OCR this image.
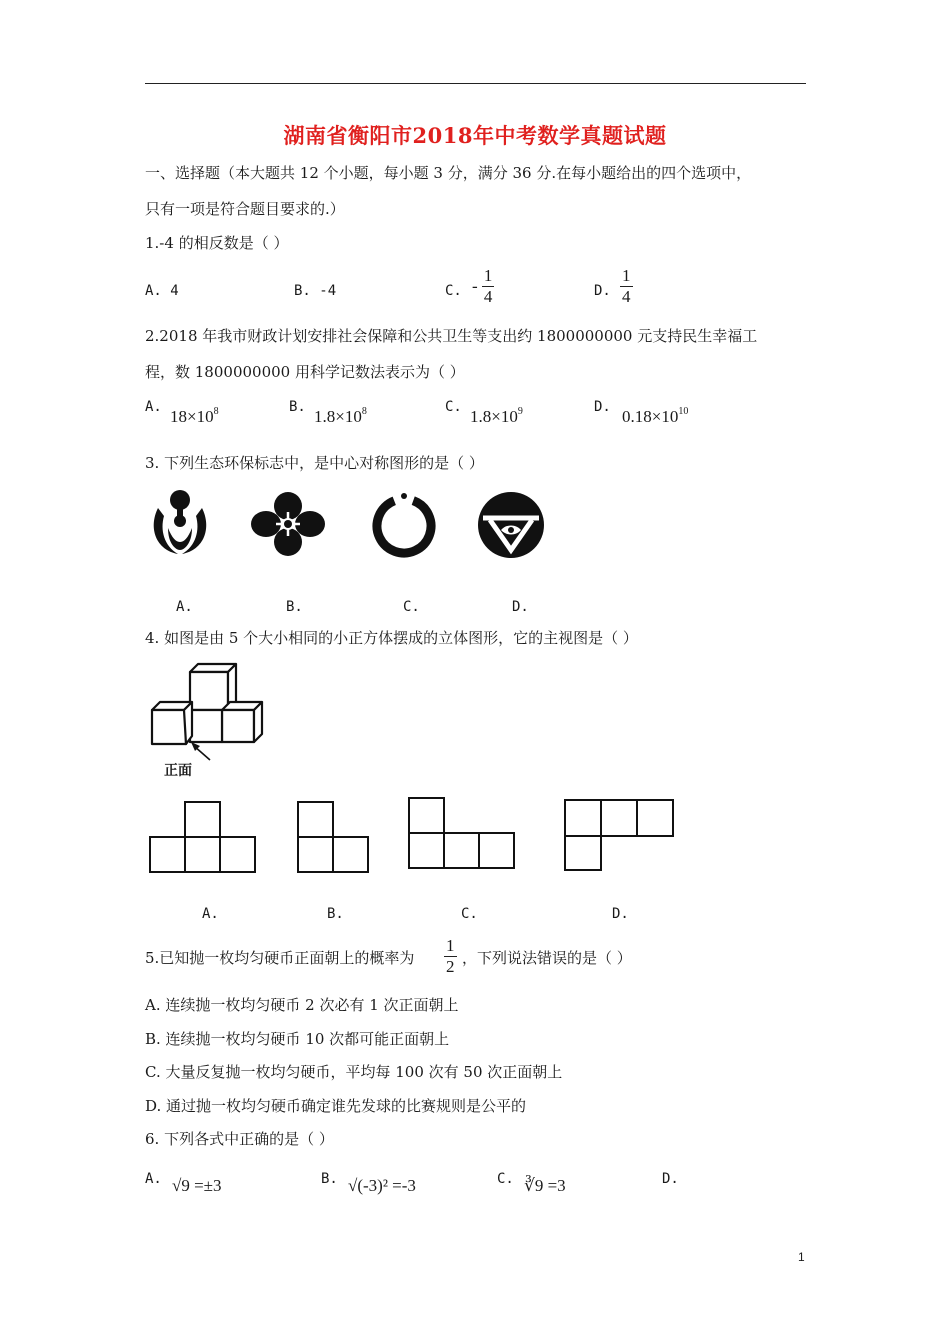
湖南省衡阳市2018年中考数学真题试题
一、选择题（本大题共 12 个小题，每小题 3 分，满分 36 分.在每小题给出的四个选项中，
只有一项是符合题目要求的.）
1.-4 的相反数是（ ）
A. 4	B. -4	C. - $\frac{1}{4}$	D. $\frac{1}{4}$
2.2018 年我市财政计划安排社会保障和公共卫生等支出约 1800000000 元支持民生幸福工
程，数 1800000000 用科学记数法表示为（ ）
A. $18\times 10^8$	B. $1.8\times 10^8$	C. $1.8\times 10^9$	D. $0.18\times 10^{10}$
3. 下列生态环保标志中，是中心对称图形的是（ ）
A.	B.	C.	D.
4. 如图是由 5 个大小相同的小正方体摆成的立体图形，它的主视图是（ ）
正面
A.	B.	C.	D.
5.已知抛一枚均匀硬币正面朝上的概率为 $\frac{1}{2}$ ，下列说法错误的是（ ）
A. 连续抛一枚均匀硬币 2 次必有 1 次正面朝上
B. 连续抛一枚均匀硬币 10 次都可能正面朝上
C. 大量反复抛一枚均匀硬币，平均每 100 次有 50 次正面朝上
D. 通过抛一枚均匀硬币确定谁先发球的比赛规则是公平的
6. 下列各式中正确的是（ ）
A. √9 =±3	B. √(-3)² =-3	C. ∛9 =3	D.
1
